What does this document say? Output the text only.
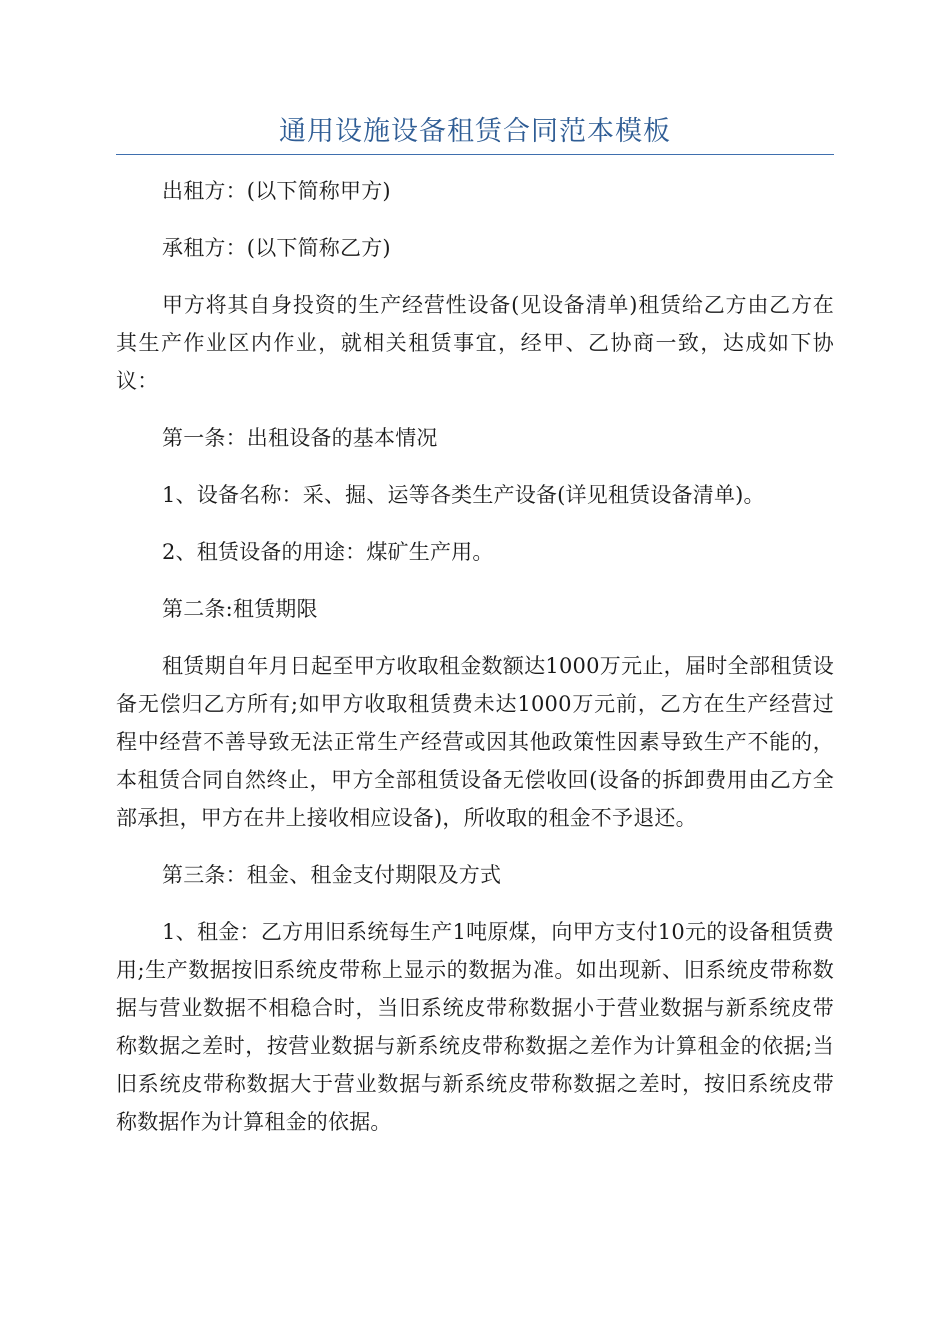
通用设施设备租赁合同范本模板

出租方：(以下简称甲方)

承租方：(以下简称乙方)

甲方将其自身投资的生产经营性设备(见设备清单)租赁给乙方由乙方在其生产作业区内作业，就相关租赁事宜，经甲、乙协商一致，达成如下协议：

第一条：出租设备的基本情况

1、设备名称：采、掘、运等各类生产设备(详见租赁设备清单)。

2、租赁设备的用途：煤矿生产用。

第二条:租赁期限

租赁期自年月日起至甲方收取租金数额达1000万元止，届时全部租赁设备无偿归乙方所有;如甲方收取租赁费未达1000万元前，乙方在生产经营过程中经营不善导致无法正常生产经营或因其他政策性因素导致生产不能的，本租赁合同自然终止，甲方全部租赁设备无偿收回(设备的拆卸费用由乙方全部承担，甲方在井上接收相应设备)，所收取的租金不予退还。

第三条：租金、租金支付期限及方式

1、租金：乙方用旧系统每生产1吨原煤，向甲方支付10元的设备租赁费用;生产数据按旧系统皮带称上显示的数据为准。如出现新、旧系统皮带称数据与营业数据不相稳合时，当旧系统皮带称数据小于营业数据与新系统皮带称数据之差时，按营业数据与新系统皮带称数据之差作为计算租金的依据;当旧系统皮带称数据大于营业数据与新系统皮带称数据之差时，按旧系统皮带称数据作为计算租金的依据。
